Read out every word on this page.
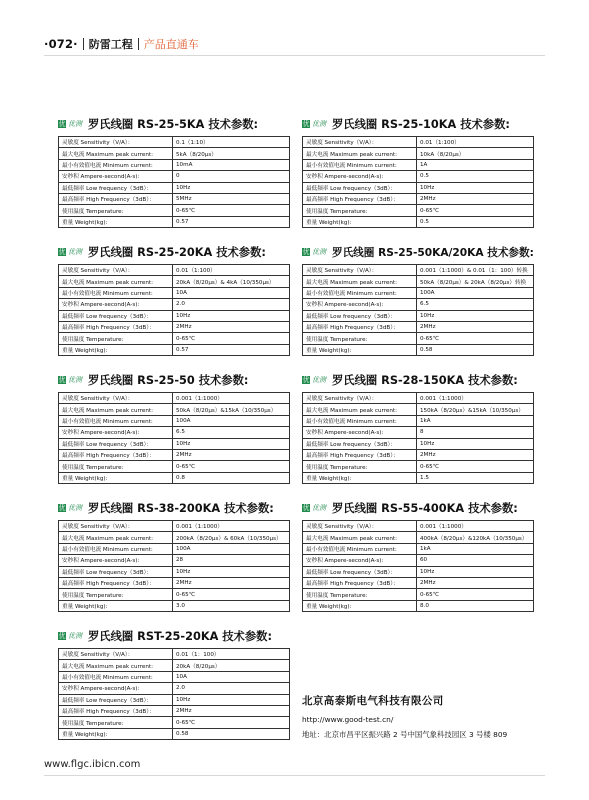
·072· 防雷工程 产品直通车
优 优测 罗氏线圈 RS-25-5KA 技术参数:
灵敏度 Sensitivity（V/A）：	0.1（1:10）
最大电流 Maximum peak current:	5kA（8/20μs）
最小有效值电流 Minimum current:	10mA
安秒积 Ampere-second(A-s):	0
最低频率 Low frequency（3dB）：	10Hz
最高频率 High Frequency（3dB）：	5MHz
使用温度 Temperature:	0-65℃
重量 Weight(kg):	0.57
优 优测 罗氏线圈 RS-25-10KA 技术参数:
灵敏度 Sensitivity（V/A）：	0.01（1:100）
最大电流 Maximum peak current:	10kA（8/20μs）
最小有效值电流 Minimum current:	1A
安秒积 Ampere-second(A-s):	0.5
最低频率 Low frequency（3dB）：	10Hz
最高频率 High Frequency（3dB）：	2MHz
使用温度 Temperature:	0-65℃
重量 Weight(kg):	0.5
优 优测 罗氏线圈 RS-25-20KA 技术参数:
灵敏度 Sensitivity（V/A）：	0.01（1:100）
最大电流 Maximum peak current:	20kA（8/20μs）& 4kA（10/350μs）
最小有效值电流 Minimum current:	10A
安秒积 Ampere-second(A-s):	2.0
最低频率 Low frequency（3dB）：	10Hz
最高频率 High Frequency（3dB）：	2MHz
使用温度 Temperature:	0-65℃
重量 Weight(kg):	0.57
优 优测 罗氏线圈 RS-25-50KA/20KA 技术参数:
灵敏度 Sensitivity（V/A）：	0.001（1:1000）& 0.01（1：100）转换
最大电流 Maximum peak current:	50kA（8/20μs）& 20kA（8/20μs）转换
最小有效值电流 Minimum current:	100A
安秒积 Ampere-second(A-s):	6.5
最低频率 Low frequency（3dB）：	10Hz
最高频率 High Frequency（3dB）：	2MHz
使用温度 Temperature:	0-65℃
重量 Weight(kg):	0.58
优 优测 罗氏线圈 RS-25-50 技术参数:
灵敏度 Sensitivity（V/A）：	0.001（1:1000）
最大电流 Maximum peak current:	50kA（8/20μs）&15kA（10/350μs）
最小有效值电流 Minimum current:	100A
安秒积 Ampere-second(A-s):	6.5
最低频率 Low frequency（3dB）：	10Hz
最高频率 High Frequency（3dB）：	2MHz
使用温度 Temperature:	0-65℃
重量 Weight(kg):	0.8
优 优测 罗氏线圈 RS-28-150KA 技术参数:
灵敏度 Sensitivity（V/A）：	0.001（1:1000）
最大电流 Maximum peak current:	150kA（8/20μs）&15kA（10/350μs）
最小有效值电流 Minimum current:	1kA
安秒积 Ampere-second(A-s):	8
最低频率 Low frequency（3dB）：	10Hz
最高频率 High Frequency（3dB）：	2MHz
使用温度 Temperature:	0-65℃
重量 Weight(kg):	1.5
优 优测 罗氏线圈 RS-38-200KA 技术参数:
灵敏度 Sensitivity（V/A）：	0.001（1:1000）
最大电流 Maximum peak current:	200kA（8/20μs）& 60kA（10/350μs）
最小有效值电流 Minimum current:	100A
安秒积 Ampere-second(A-s):	28
最低频率 Low frequency（3dB）：	10Hz
最高频率 High Frequency（3dB）：	2MHz
使用温度 Temperature:	0-65℃
重量 Weight(kg):	3.0
优 优测 罗氏线圈 RS-55-400KA 技术参数:
灵敏度 Sensitivity（V/A）：	0.001（1:1000）
最大电流 Maximum peak current:	400kA（8/20μs）&120kA（10/350μs）
最小有效值电流 Minimum current:	1kA
安秒积 Ampere-second(A-s):	60
最低频率 Low frequency（3dB）：	10Hz
最高频率 High Frequency（3dB）：	2MHz
使用温度 Temperature:	0-65℃
重量 Weight(kg):	8.0
优 优测 罗氏线圈 RST-25-20KA 技术参数:
灵敏度 Sensitivity（V/A）：	0.01（1：100）
最大电流 Maximum peak current:	20kA（8/20μs）
最小有效值电流 Minimum current:	10A
安秒积 Ampere-second(A-s):	2.0
最低频率 Low frequency（3dB）：	10Hz
最高频率 High Frequency（3dB）：	2MHz
使用温度 Temperature:	0-65℃
重量 Weight(kg):	0.58
北京高泰斯电气科技有限公司
http://www.good-test.cn/
地址：北京市昌平区振兴路 2 号中国气象科技园区 3 号楼 809
www.flgc.ibicn.com
